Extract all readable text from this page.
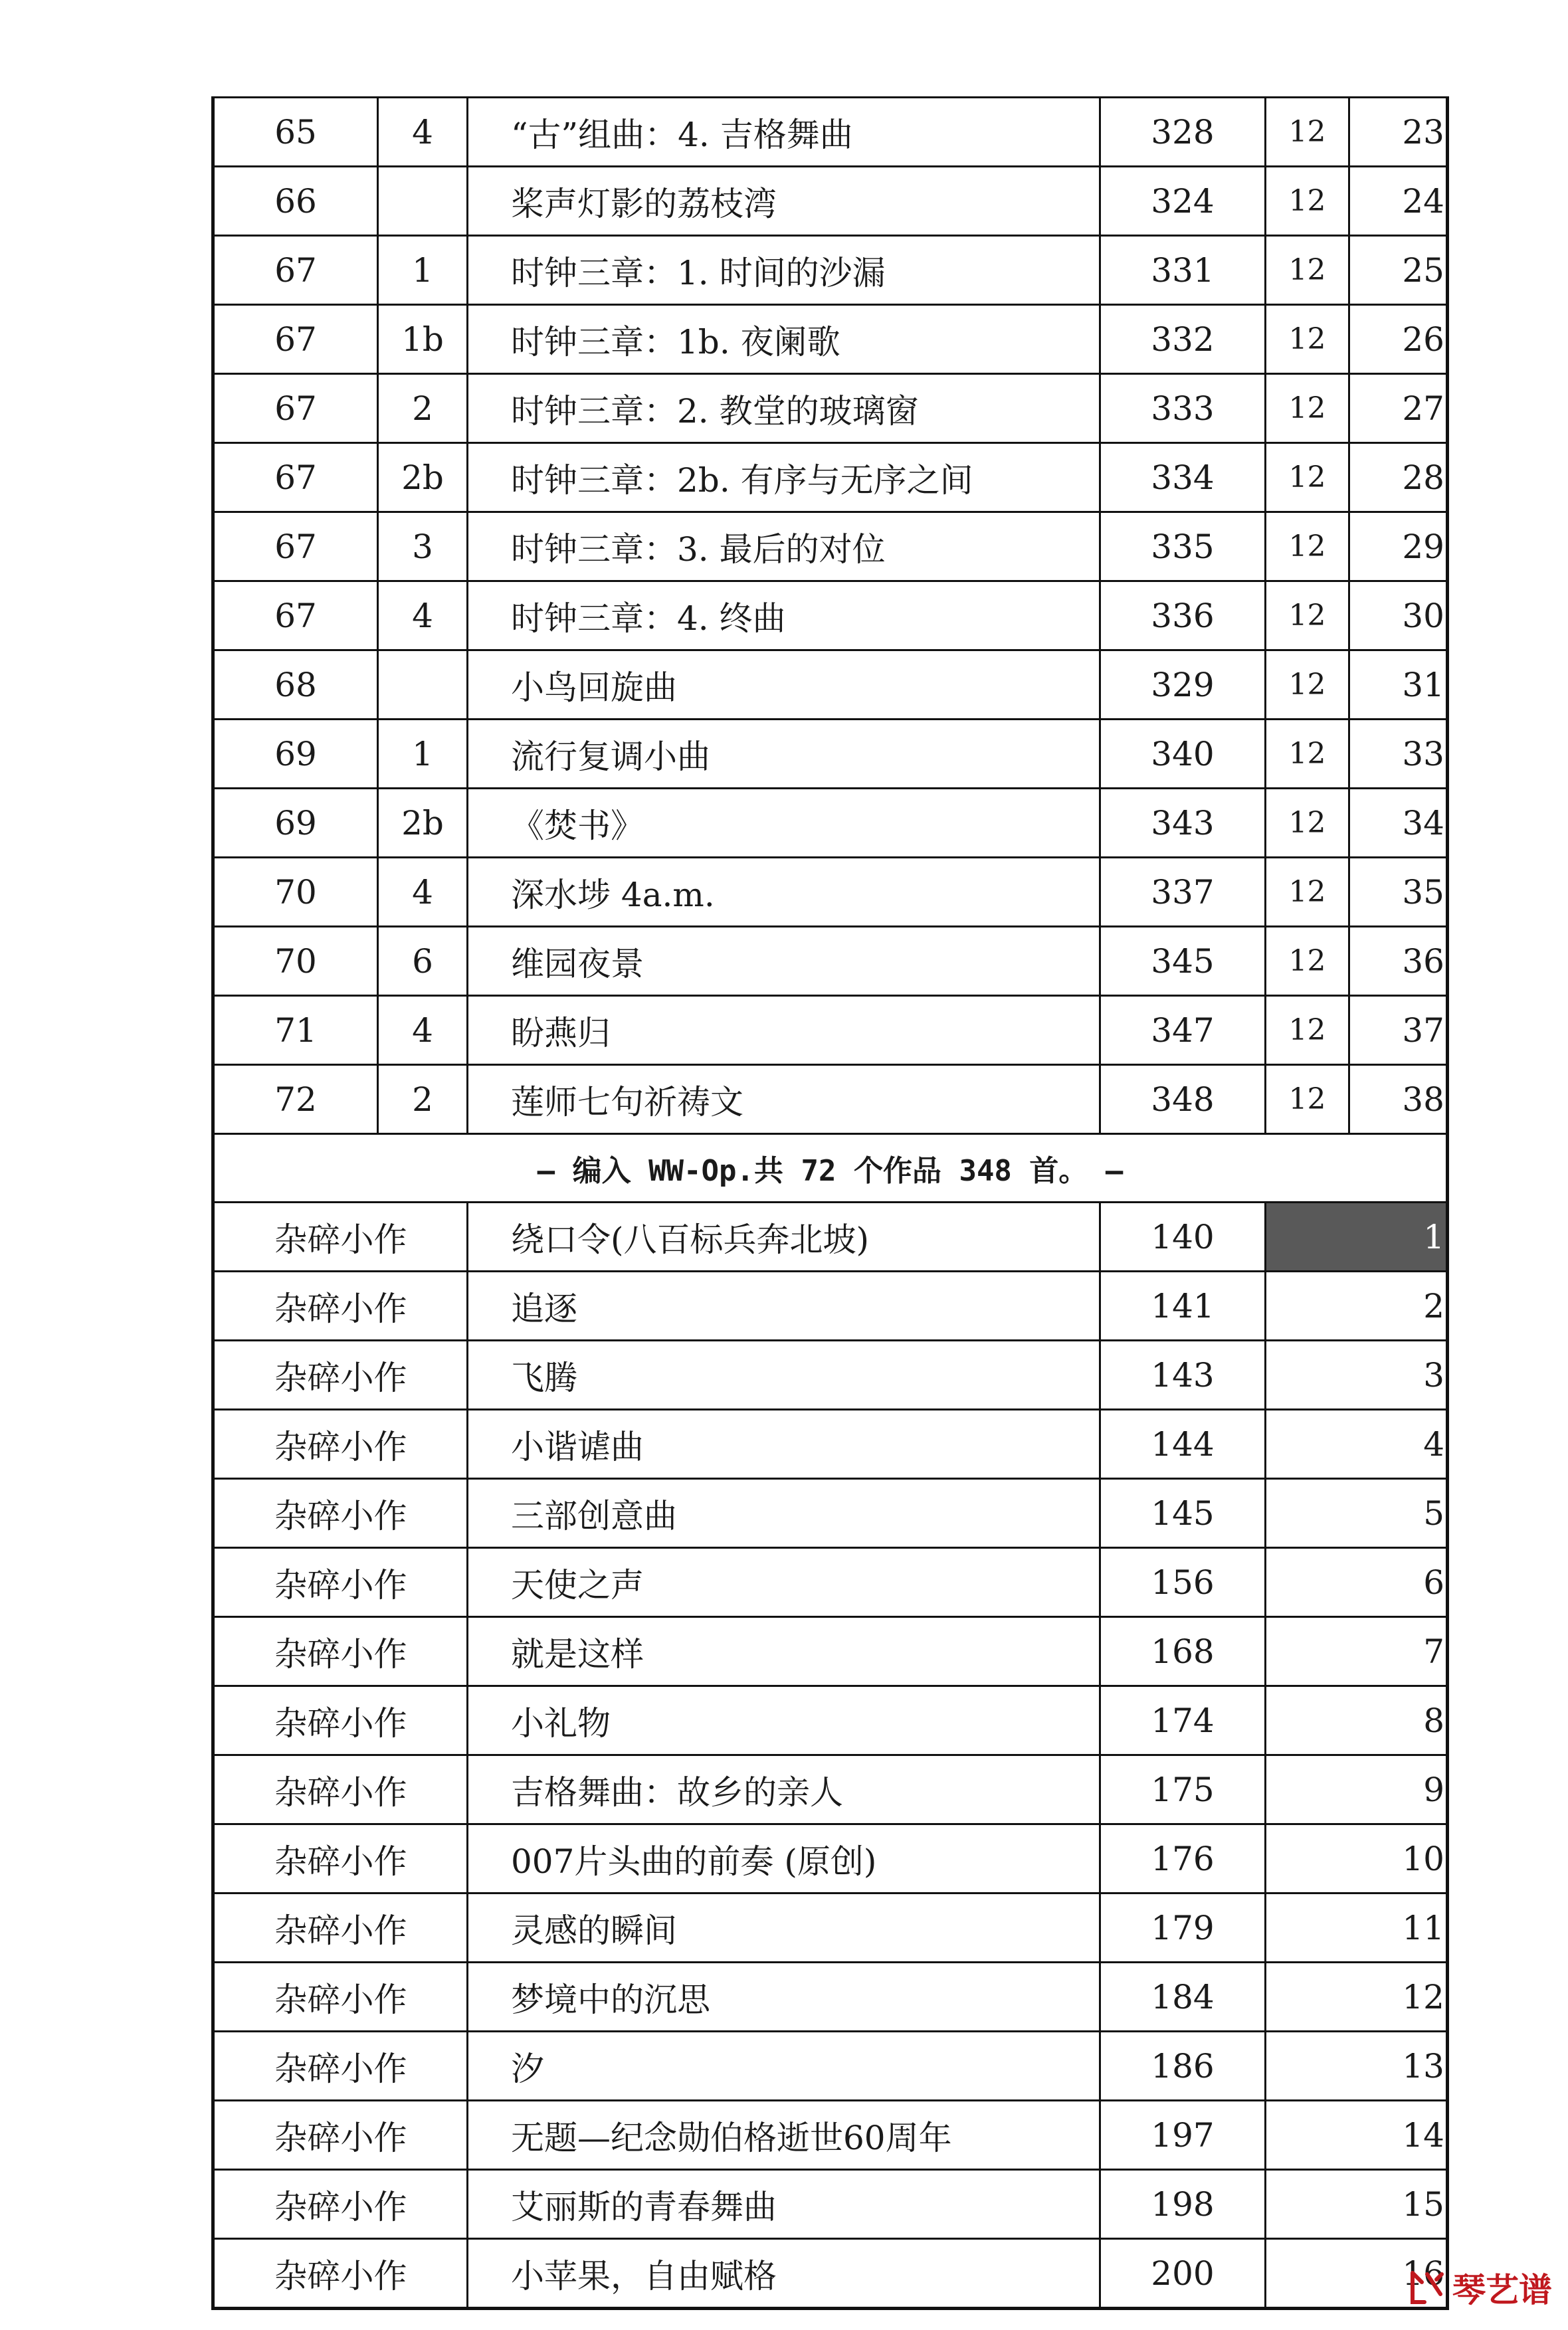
65	4	“古”组曲：4. 吉格舞曲	328	12	23
66		桨声灯影的荔枝湾	324	12	24
67	1	时钟三章：1. 时间的沙漏	331	12	25
67	1b	时钟三章：1b. 夜阑歌	332	12	26
67	2	时钟三章：2. 教堂的玻璃窗	333	12	27
67	2b	时钟三章：2b. 有序与无序之间	334	12	28
67	3	时钟三章：3. 最后的对位	335	12	29
67	4	时钟三章：4. 终曲	336	12	30
68		小鸟回旋曲	329	12	31
69	1	流行复调小曲	340	12	33
69	2b	《焚书》	343	12	34
70	4	深水埗 4a.m.	337	12	35
70	6	维园夜景	345	12	36
71	4	盼燕归	347	12	37
72	2	莲师七句祈祷文	348	12	38
– 编入 WW-Op.共 72 个作品 348 首。 –					
杂碎小作		绕口令(八百标兵奔北坡)	140	1	
杂碎小作		追逐	141	2	
杂碎小作		飞腾	143	3	
杂碎小作		小谐谑曲	144	4	
杂碎小作		三部创意曲	145	5	
杂碎小作		天使之声	156	6	
杂碎小作		就是这样	168	7	
杂碎小作		小礼物	174	8	
杂碎小作		吉格舞曲：故乡的亲人	175	9	
杂碎小作		007片头曲的前奏 (原创)	176	10	
杂碎小作		灵感的瞬间	179	11	
杂碎小作		梦境中的沉思	184	12	
杂碎小作		汐	186	13	
杂碎小作		无题—纪念勋伯格逝世60周年	197	14	
杂碎小作		艾丽斯的青春舞曲	198	15	
杂碎小作		小苹果，自由赋格	200	16	琴艺谱
